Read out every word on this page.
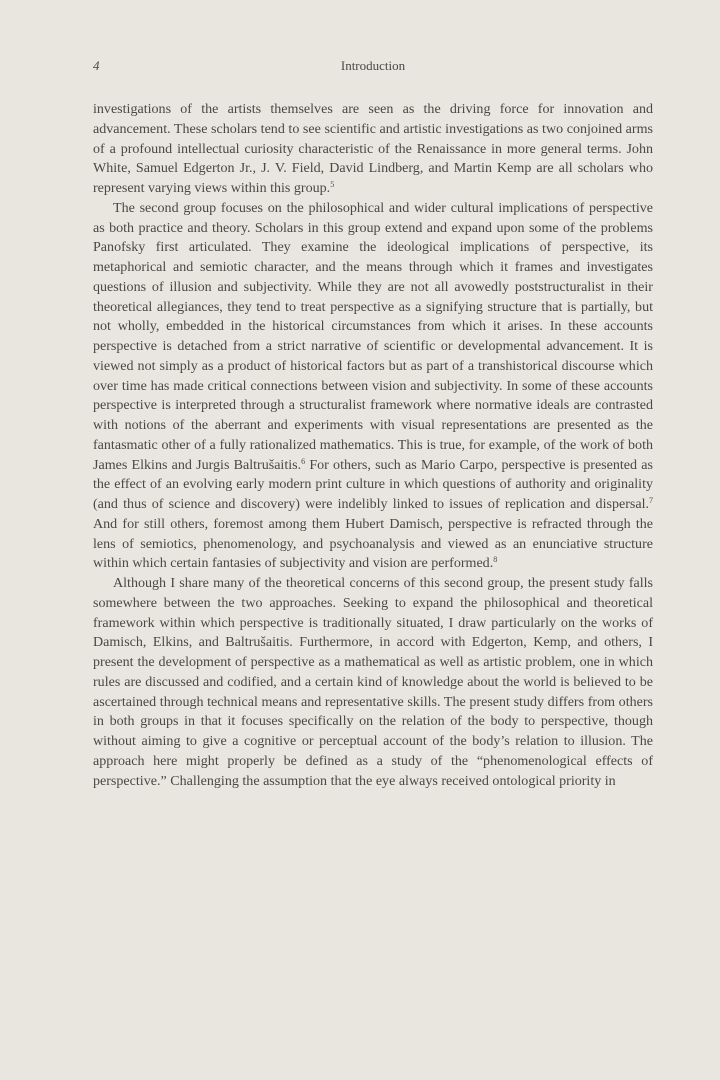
4	Introduction

investigations of the artists themselves are seen as the driving force for innovation and advancement. These scholars tend to see scientific and artistic investigations as two conjoined arms of a profound intellectual curiosity characteristic of the Renaissance in more general terms. John White, Samuel Edgerton Jr., J. V. Field, David Lindberg, and Martin Kemp are all scholars who represent varying views within this group.$^5$

The second group focuses on the philosophical and wider cultural implications of perspective as both practice and theory. Scholars in this group extend and expand upon some of the problems Panofsky first articulated. They examine the ideological implications of perspective, its metaphorical and semiotic character, and the means through which it frames and investigates questions of illusion and subjectivity. While they are not all avowedly poststructuralist in their theoretical allegiances, they tend to treat perspective as a signifying structure that is partially, but not wholly, embedded in the historical circumstances from which it arises. In these accounts perspective is detached from a strict narrative of scientific or developmental advancement. It is viewed not simply as a product of historical factors but as part of a transhistorical discourse which over time has made critical connections between vision and subjectivity. In some of these accounts perspective is interpreted through a structuralist framework where normative ideals are contrasted with notions of the aberrant and experiments with visual representations are presented as the fantasmatic other of a fully rationalized mathematics. This is true, for example, of the work of both James Elkins and Jurgis Baltrušaitis.$^6$ For others, such as Mario Carpo, perspective is presented as the effect of an evolving early modern print culture in which questions of authority and originality (and thus of science and discovery) were indelibly linked to issues of replication and dispersal.$^7$ And for still others, foremost among them Hubert Damisch, perspective is refracted through the lens of semiotics, phenomenology, and psychoanalysis and viewed as an enunciative structure within which certain fantasies of subjectivity and vision are performed.$^8$

Although I share many of the theoretical concerns of this second group, the present study falls somewhere between the two approaches. Seeking to expand the philosophical and theoretical framework within which perspective is traditionally situated, I draw particularly on the works of Damisch, Elkins, and Baltrušaitis. Furthermore, in accord with Edgerton, Kemp, and others, I present the development of perspective as a mathematical as well as artistic problem, one in which rules are discussed and codified, and a certain kind of knowledge about the world is believed to be ascertained through technical means and representative skills. The present study differs from others in both groups in that it focuses specifically on the relation of the body to perspective, though without aiming to give a cognitive or perceptual account of the body’s relation to illusion. The approach here might properly be defined as a study of the “phenomenological effects of perspective.” Challenging the assumption that the eye always received ontological priority in
